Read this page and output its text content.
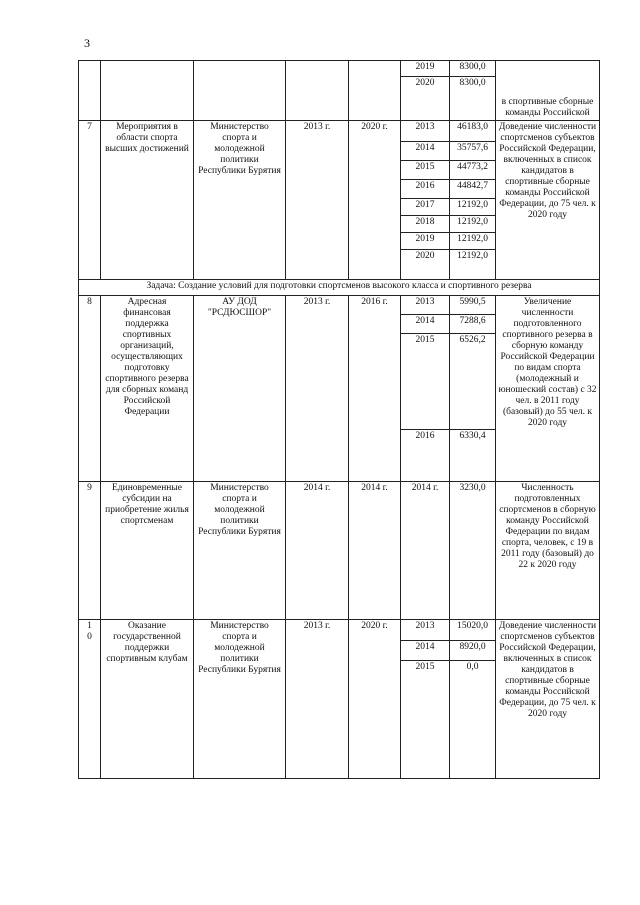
3
					2019	8300,0	в спортивные сборные команды Российской
					2020	8300,0	
7	Мероприятия в области спорта высших достижений	Министерство спорта и молодежной политики Республики Бурятия	2013 г.	2020 г.	2013	46183,0	Доведение численности спортсменов субъектов Российской Федерации, включенных в список кандидатов в спортивные сборные команды Российской Федерации, до 75 чел. к 2020 году
					2014	35757,6	
					2015	44773,2	
					2016	44842,7	
					2017	12192,0	
					2018	12192,0	
					2019	12192,0	
					2020	12192,0	
Задача: Создание условий для подготовки спортсменов высокого класса и спортивного резерва							
8	Адресная финансовая поддержка спортивных организаций, осуществляющих подготовку спортивного резерва для сборных команд Российской Федерации	АУ ДОД "РСДЮСШОР"	2013 г.	2016 г.	2013	5990,5	Увеличение численности подготовленного спортивного резерва в сборную команду Российской Федерации по видам спорта (молодежный и юношеский состав) с 32 чел. в 2011 году (базовый) до 55 чел. к 2020 году
					2014	7288,6	
					2015	6526,2	
					2016	6330,4	
9	Единовременные субсидии на приобретение жилья спортсменам	Министерство спорта и молодежной политики Республики Бурятия	2014 г.	2014 г.	2014 г.	3230,0	Численность подготовленных спортсменов в сборную команду Российской Федерации по видам спорта, человек, с 19 в 2011 году (базовый) до 22 к 2020 году
1 0	Оказание государственной поддержки спортивным клубам	Министерство спорта и молодежной политики Республики Бурятия	2013 г.	2020 г.	2013	15020,0	Доведение численности спортсменов субъектов Российской Федерации, включенных в список кандидатов в спортивные сборные команды Российской Федерации, до 75 чел. к 2020 году
					2014	8920,0	
					2015	0,0	
